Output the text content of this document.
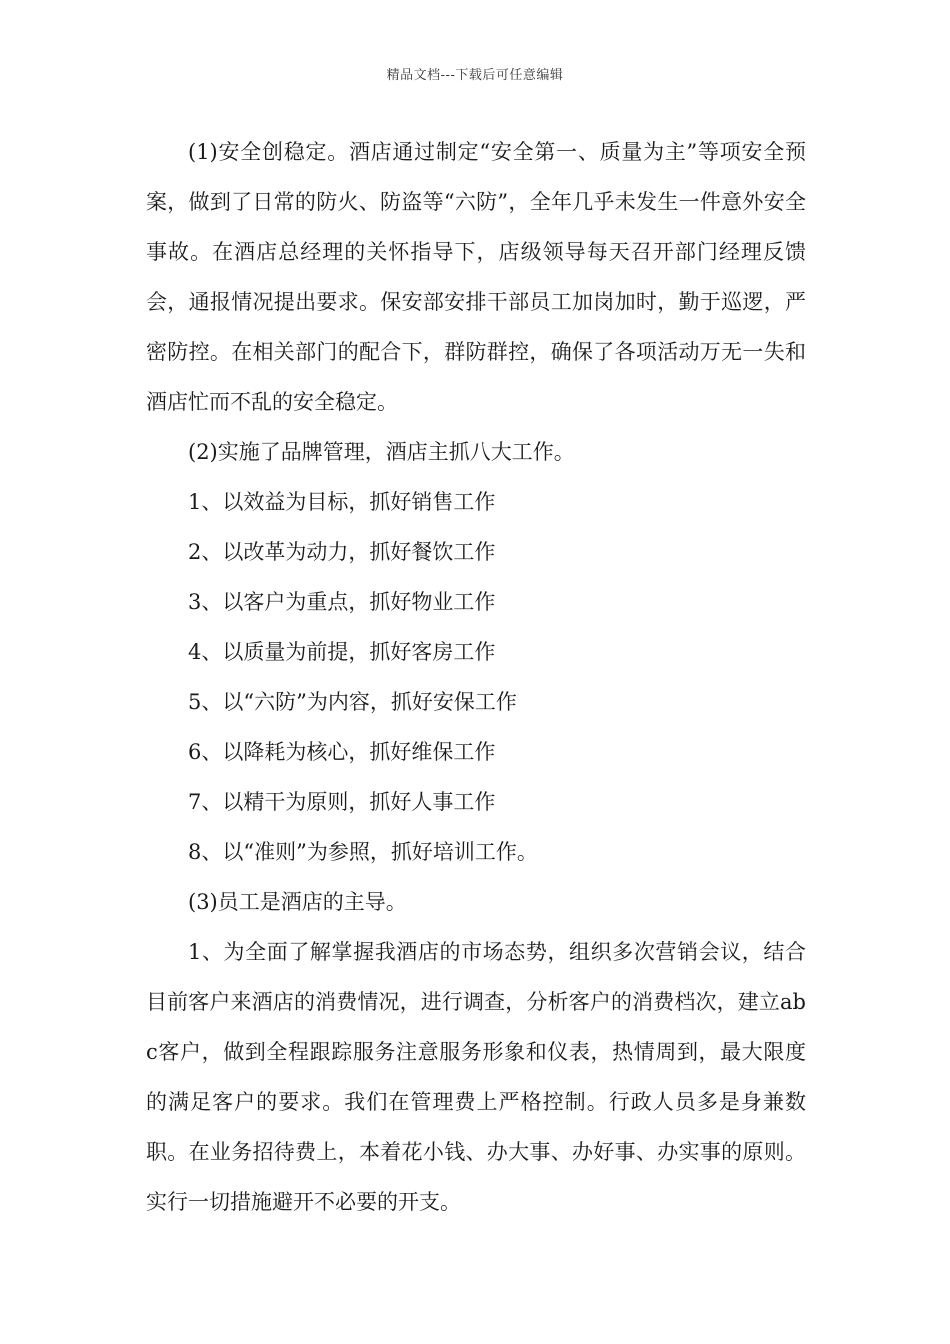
精品文档---下载后可任意编辑

(1)安全创稳定。酒店通过制定“安全第一、质量为主”等项安全预案，做到了日常的防火、防盗等“六防”，全年几乎未发生一件意外安全事故。在酒店总经理的关怀指导下，店级领导每天召开部门经理反馈会，通报情况提出要求。保安部安排干部员工加岗加时，勤于巡逻，严密防控。在相关部门的配合下，群防群控，确保了各项活动万无一失和酒店忙而不乱的安全稳定。

(2)实施了品牌管理，酒店主抓八大工作。

1、以效益为目标，抓好销售工作

2、以改革为动力，抓好餐饮工作

3、以客户为重点，抓好物业工作

4、以质量为前提，抓好客房工作

5、以“六防”为内容，抓好安保工作

6、以降耗为核心，抓好维保工作

7、以精干为原则，抓好人事工作

8、以“准则”为参照，抓好培训工作。

(3)员工是酒店的主导。

1、为全面了解掌握我酒店的市场态势，组织多次营销会议，结合目前客户来酒店的消费情况，进行调查，分析客户的消费档次，建立abc客户，做到全程跟踪服务注意服务形象和仪表，热情周到，最大限度的满足客户的要求。我们在管理费上严格控制。行政人员多是身兼数职。在业务招待费上，本着花小钱、办大事、办好事、办实事的原则。实行一切措施避开不必要的开支。
